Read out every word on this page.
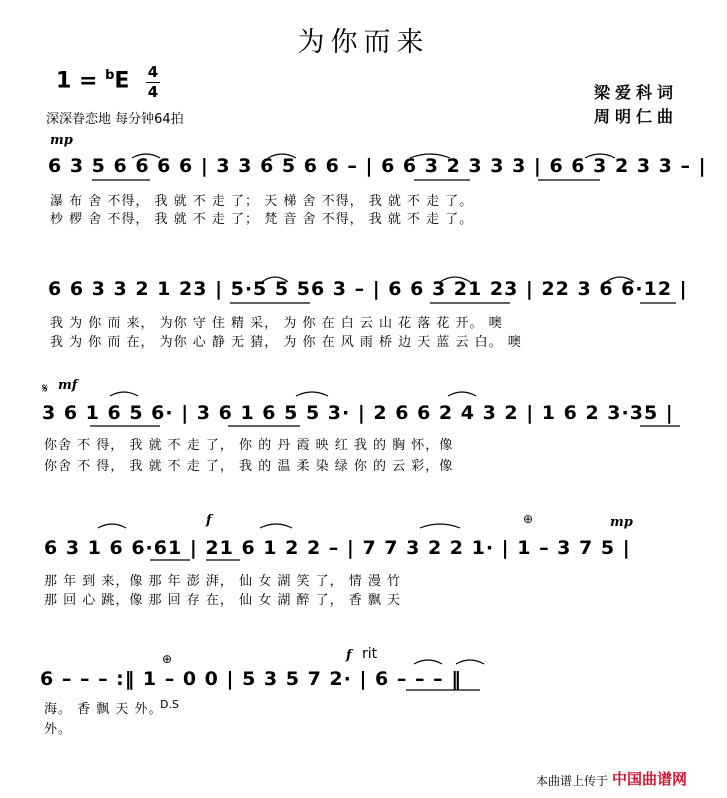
为你而来
1 = $^b$E 4
4
深深眷恋地 每分钟64拍
梁爱科词
周明仁曲
mp
6 3 5 6 6 6 6 | 3 3 6 5 6 6 – | 6 6 3 2 3 3 3 | 6 6 3 2 3 3 – |
瀑 布 舍 不得， 我 就 不 走 了； 天 梯 舍 不得， 我 就 不 走 了。
杪 椤 舍 不得， 我 就 不 走 了； 梵 音 舍 不得， 我 就 不 走 了。
6 6 3 3 2 1 23 | 5·5 5 56 3 – | 6 6 3 21 23 | 22 3 6 6·12 |
我 为 你 而 来， 为你 守 住 精 采， 为 你 在 白 云 山 花 落 花 开。 噢
我 为 你 而 在， 为你 心 静 无 猜， 为 你 在 风 雨 桥 边 天 蓝 云 白。 噢
𝄋 mf
3 6 1 6 5 6· | 3 6 1 6 5 5 3· | 2 6 6 2 4 3 2 | 1 6 2 3·35 |
你舍 不 得， 我 就 不 走 了， 你 的 丹 霞 映 红 我 的 胸 怀，像
你舍 不 得， 我 就 不 走 了， 我 的 温 柔 染 绿 你 的 云 彩，像
f	⊕	mp
6 3 1 6 6·61 | 21 6 1 2 2 – | 7 7 3 2 2 1· | 1 – 3 7 5 |
那 年 到 来，像 那 年 澎 湃， 仙 女 湖 笑 了， 情 漫 竹
那 回 心 跳，像 那 回 存 在， 仙 女 湖 醉 了， 香 飘 天
⊕	f rit
6 – – – :‖ 1 – 0 0 | 5 3 5 7 2· | 6 – – – ‖
D.S
海。 香 飘 天 外。
外。
本曲谱上传于 中国曲谱网
